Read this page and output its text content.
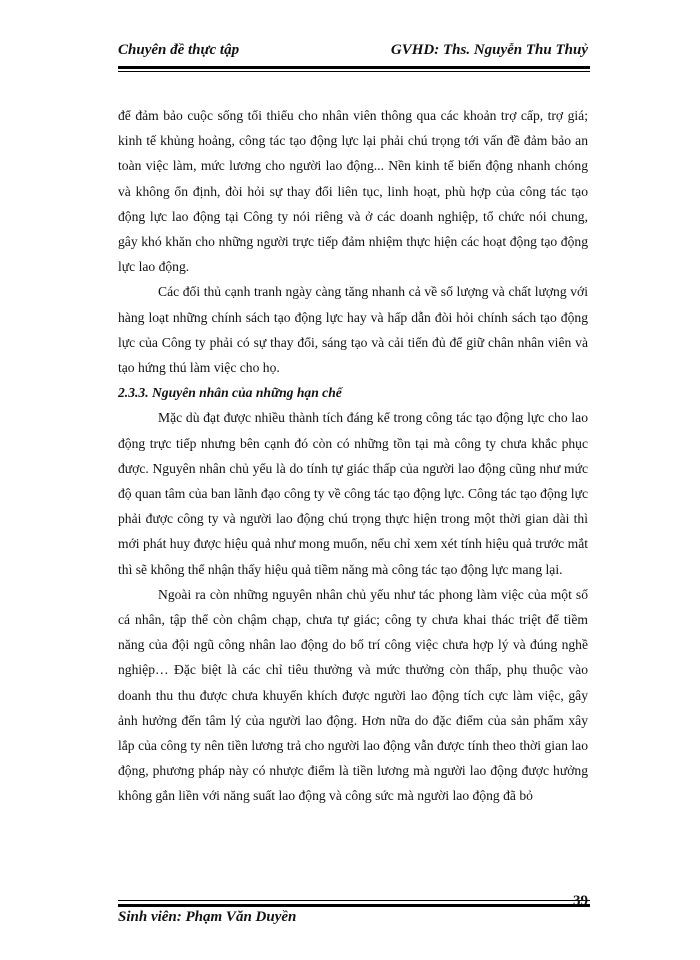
Chuyên đề thực tập	GVHD: Ths. Nguyễn Thu Thuỷ

để đảm bảo cuộc sống tối thiểu cho nhân viên thông qua các khoản trợ cấp, trợ giá; kinh tế khủng hoảng, công tác tạo động lực lại phải chú trọng tới vấn đề đảm bảo an toàn việc làm, mức lương cho người lao động... Nền kinh tế biến động nhanh chóng và không ổn định, đòi hỏi sự thay đổi liên tục, linh hoạt, phù hợp của công tác tạo động lực lao động tại Công ty nói riêng và ở các doanh nghiệp, tổ chức nói chung, gây khó khăn cho những người trực tiếp đảm nhiệm thực hiện các hoạt động tạo động lực lao động.

Các đối thủ cạnh tranh ngày càng tăng nhanh cả về số lượng và chất lượng với hàng loạt những chính sách tạo động lực hay và hấp dẫn đòi hỏi chính sách tạo động lực của Công ty phải có sự thay đổi, sáng tạo và cải tiến đủ để giữ chân nhân viên và tạo hứng thú làm việc cho họ.

2.3.3. Nguyên nhân của những hạn chế

Mặc dù đạt được nhiều thành tích đáng kể trong công tác tạo động lực cho lao động trực tiếp nhưng bên cạnh đó còn có những tồn tại mà công ty chưa khắc phục được. Nguyên nhân chủ yếu là do tính tự giác thấp của người lao động cũng như mức độ quan tâm của ban lãnh đạo công ty về công tác tạo động lực. Công tác tạo động lực phải được công ty và người lao động chú trọng thực hiện trong một thời gian dài thì mới phát huy được hiệu quả như mong muốn, nếu chỉ xem xét tính hiệu quả trước mắt thì sẽ không thể nhận thấy hiệu quả tiềm năng mà công tác tạo động lực mang lại.

Ngoài ra còn những nguyên nhân chủ yếu như tác phong làm việc của một số cá nhân, tập thể còn chậm chạp, chưa tự giác; công ty chưa khai thác triệt để tiềm năng của đội ngũ công nhân lao động do bố trí công việc chưa hợp lý và đúng nghề nghiệp… Đặc biệt là các chỉ tiêu thưởng và mức thưởng còn thấp, phụ thuộc vào doanh thu thu được chưa khuyến khích được người lao động tích cực làm việc, gây ảnh hưởng đến tâm lý của người lao động. Hơn nữa do đặc điểm của sản phẩm xây lắp của công ty nên tiền lương trả cho người lao động vẫn được tính theo thời gian lao động, phương pháp này có nhược điểm là tiền lương mà người lao động được hưởng không gắn liền với năng suất lao động và công sức mà người lao động đã bỏ

Sinh viên: Phạm Văn Duyền
39
